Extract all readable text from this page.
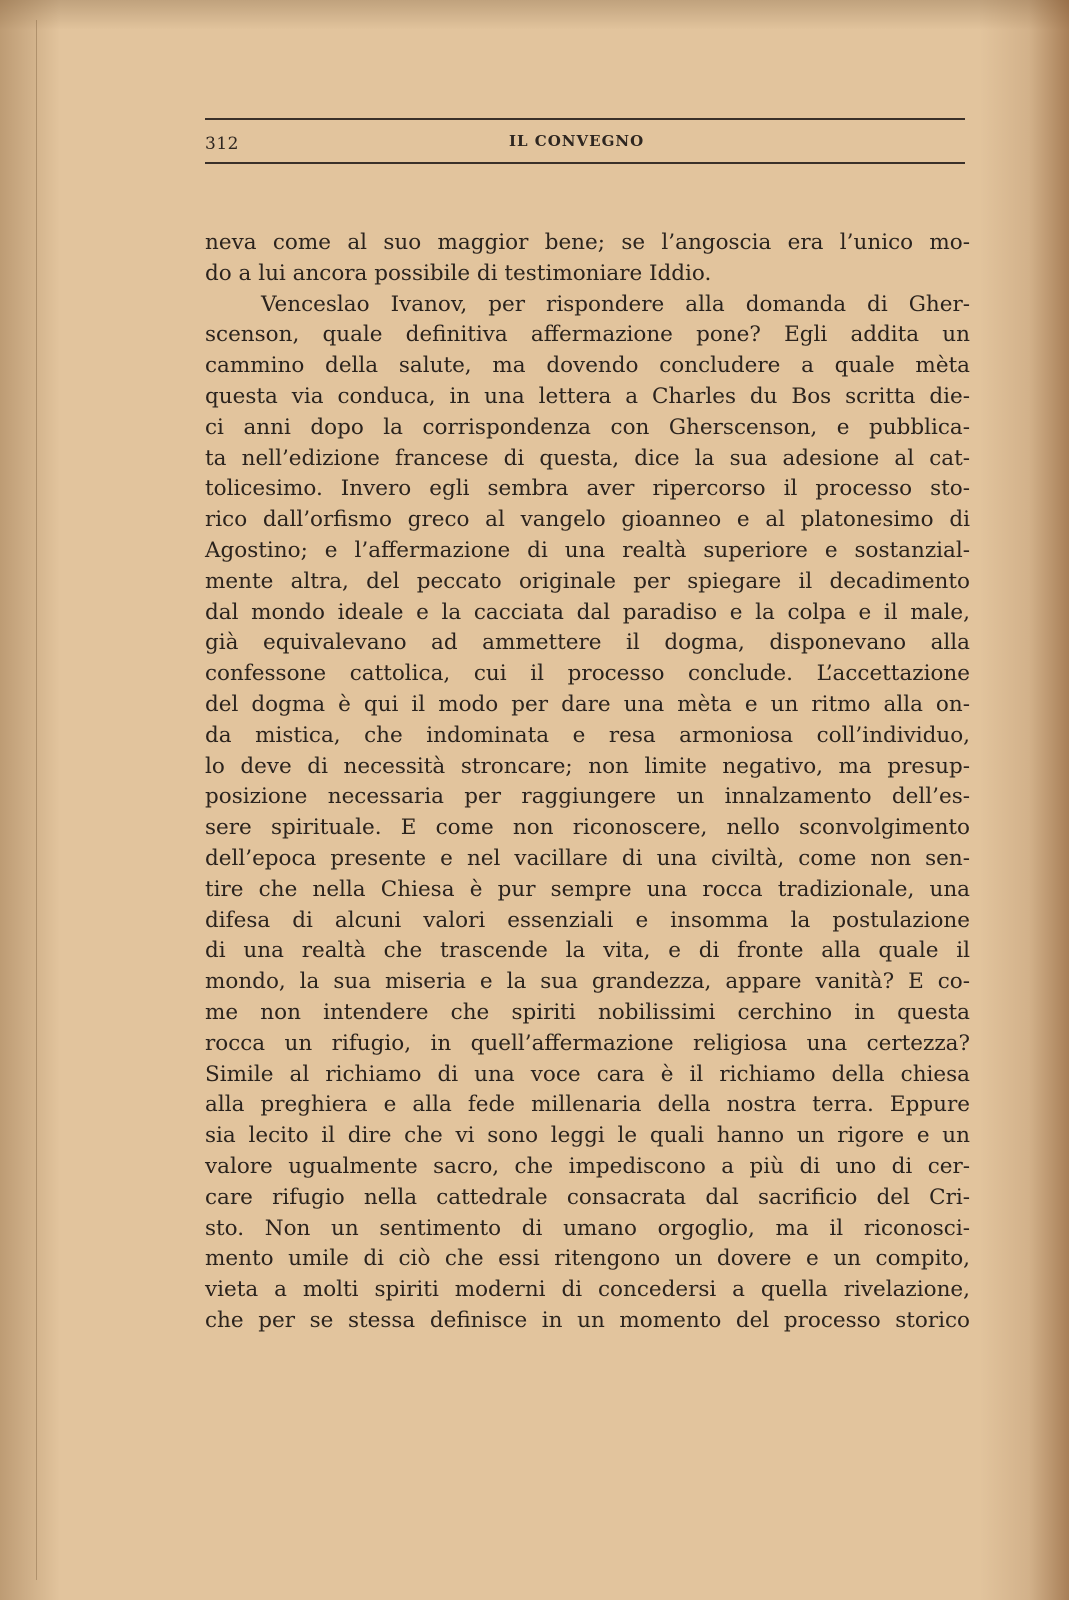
312	IL CONVEGNO
neva come al suo maggior bene; se l’angoscia era l’unico mo-
do a lui ancora possibile di testimoniare Iddio.
Venceslao Ivanov, per rispondere alla domanda di Gher-
scenson, quale definitiva affermazione pone? Egli addita un
cammino della salute, ma dovendo concludere a quale mèta
questa via conduca, in una lettera a Charles du Bos scritta die-
ci anni dopo la corrispondenza con Gherscenson, e pubblica-
ta nell’edizione francese di questa, dice la sua adesione al cat-
tolicesimo. Invero egli sembra aver ripercorso il processo sto-
rico dall’orfismo greco al vangelo gioanneo e al platonesimo di
Agostino; e l’affermazione di una realtà superiore e sostanzial-
mente altra, del peccato originale per spiegare il decadimento
dal mondo ideale e la cacciata dal paradiso e la colpa e il male,
già equivalevano ad ammettere il dogma, disponevano alla
confessone cattolica, cui il processo conclude. L’accettazione
del dogma è qui il modo per dare una mèta e un ritmo alla on-
da mistica, che indominata e resa armoniosa coll’individuo,
lo deve di necessità stroncare; non limite negativo, ma presup-
posizione necessaria per raggiungere un innalzamento dell’es-
sere spirituale. E come non riconoscere, nello sconvolgimento
dell’epoca presente e nel vacillare di una civiltà, come non sen-
tire che nella Chiesa è pur sempre una rocca tradizionale, una
difesa di alcuni valori essenziali e insomma la postulazione
di una realtà che trascende la vita, e di fronte alla quale il
mondo, la sua miseria e la sua grandezza, appare vanità? E co-
me non intendere che spiriti nobilissimi cerchino in questa
rocca un rifugio, in quell’affermazione religiosa una certezza?
Simile al richiamo di una voce cara è il richiamo della chiesa
alla preghiera e alla fede millenaria della nostra terra. Eppure
sia lecito il dire che vi sono leggi le quali hanno un rigore e un
valore ugualmente sacro, che impediscono a più di uno di cer-
care rifugio nella cattedrale consacrata dal sacrificio del Cri-
sto. Non un sentimento di umano orgoglio, ma il riconosci-
mento umile di ciò che essi ritengono un dovere e un compito,
vieta a molti spiriti moderni di concedersi a quella rivelazione,
che per se stessa definisce in un momento del processo storico
